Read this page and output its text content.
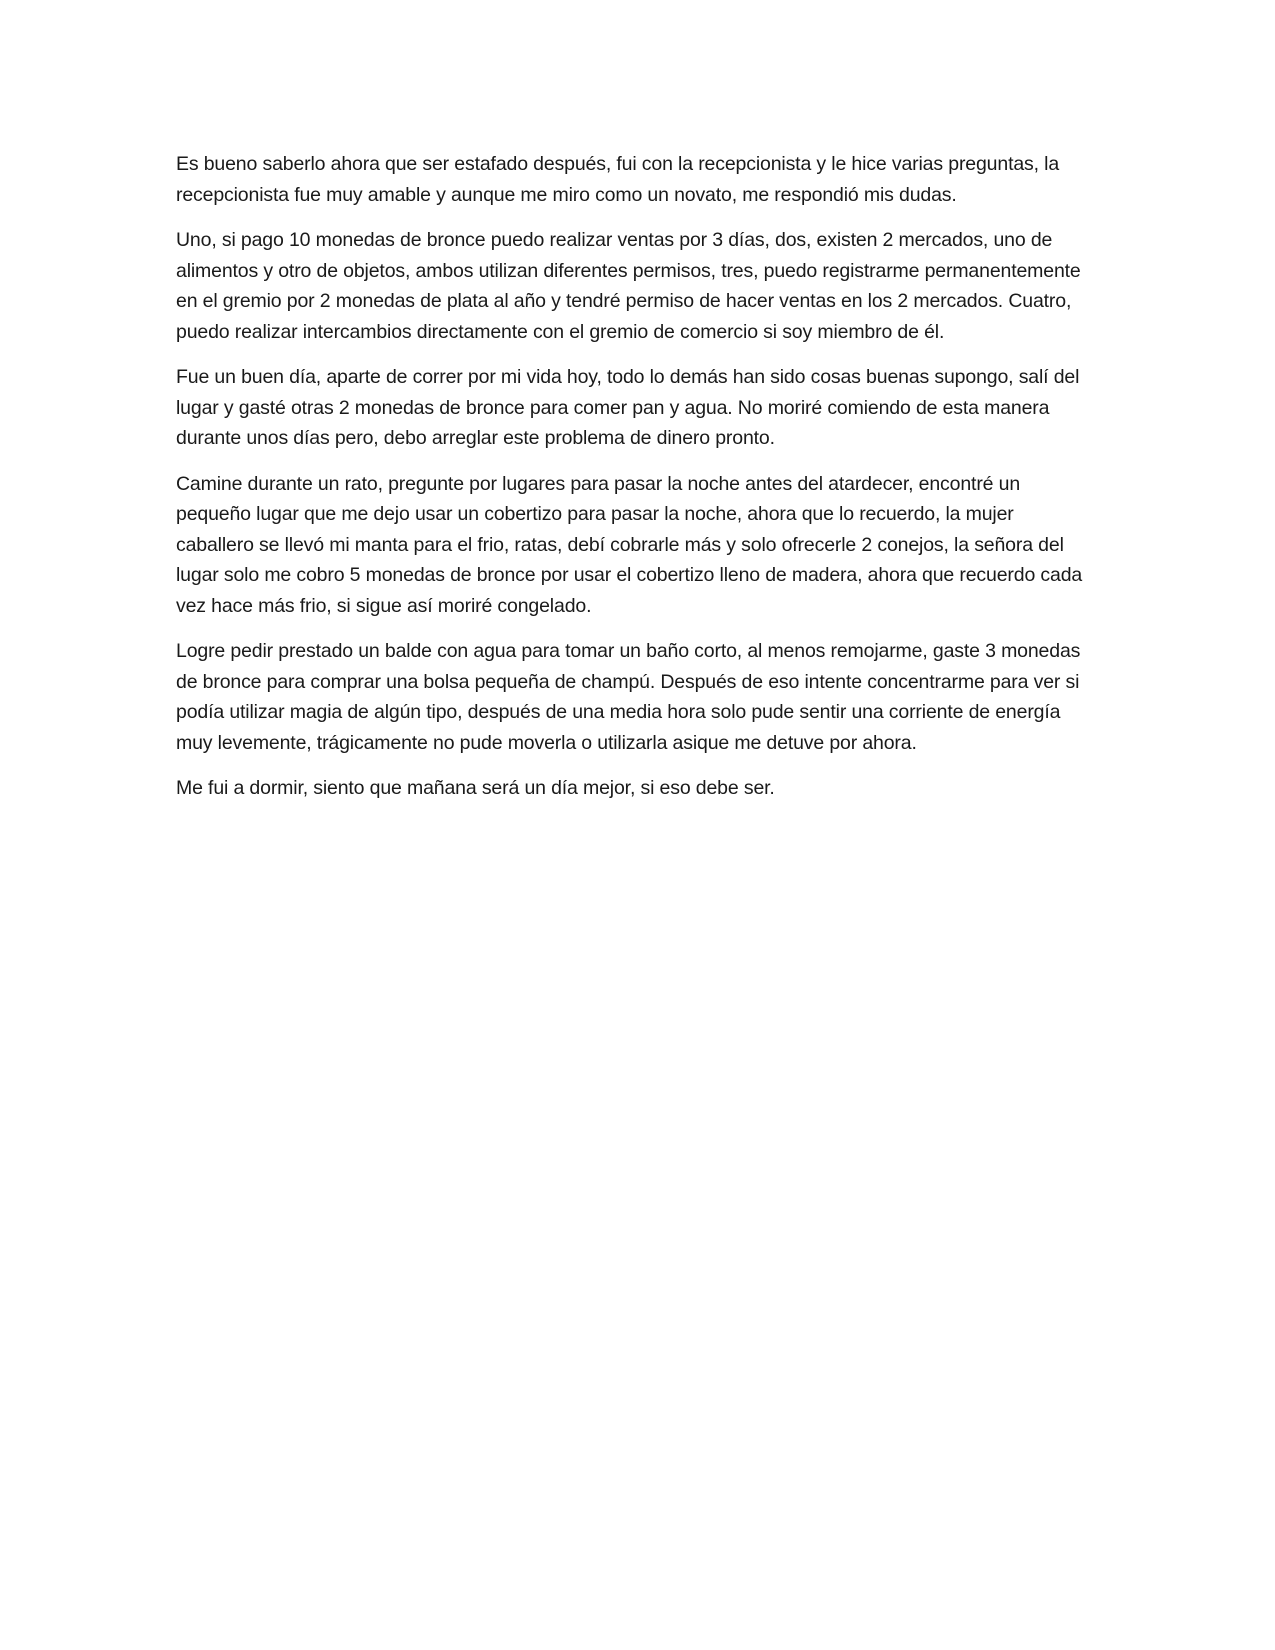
Es bueno saberlo ahora que ser estafado después, fui con la recepcionista y le hice varias preguntas, la recepcionista fue muy amable y aunque me miro como un novato, me respondió mis dudas.

Uno, si pago 10 monedas de bronce puedo realizar ventas por 3 días, dos, existen 2 mercados, uno de alimentos y otro de objetos, ambos utilizan diferentes permisos, tres, puedo registrarme permanentemente en el gremio por 2 monedas de plata al año y tendré permiso de hacer ventas en los 2 mercados. Cuatro, puedo realizar intercambios directamente con el gremio de comercio si soy miembro de él.

Fue un buen día, aparte de correr por mi vida hoy, todo lo demás han sido cosas buenas supongo, salí del lugar y gasté otras 2 monedas de bronce para comer pan y agua. No moriré comiendo de esta manera durante unos días pero, debo arreglar este problema de dinero pronto.

Camine durante un rato, pregunte por lugares para pasar la noche antes del atardecer, encontré un pequeño lugar que me dejo usar un cobertizo para pasar la noche, ahora que lo recuerdo, la mujer caballero se llevó mi manta para el frio, ratas, debí cobrarle más y solo ofrecerle 2 conejos, la señora del lugar solo me cobro 5 monedas de bronce por usar el cobertizo lleno de madera, ahora que recuerdo cada vez hace más frio, si sigue así moriré congelado.

Logre pedir prestado un balde con agua para tomar un baño corto, al menos remojarme, gaste 3 monedas de bronce para comprar una bolsa pequeña de champú. Después de eso intente concentrarme para ver si podía utilizar magia de algún tipo, después de una media hora solo pude sentir una corriente de energía muy levemente, trágicamente no pude moverla o utilizarla asique me detuve por ahora.

Me fui a dormir, siento que mañana será un día mejor, si eso debe ser.
